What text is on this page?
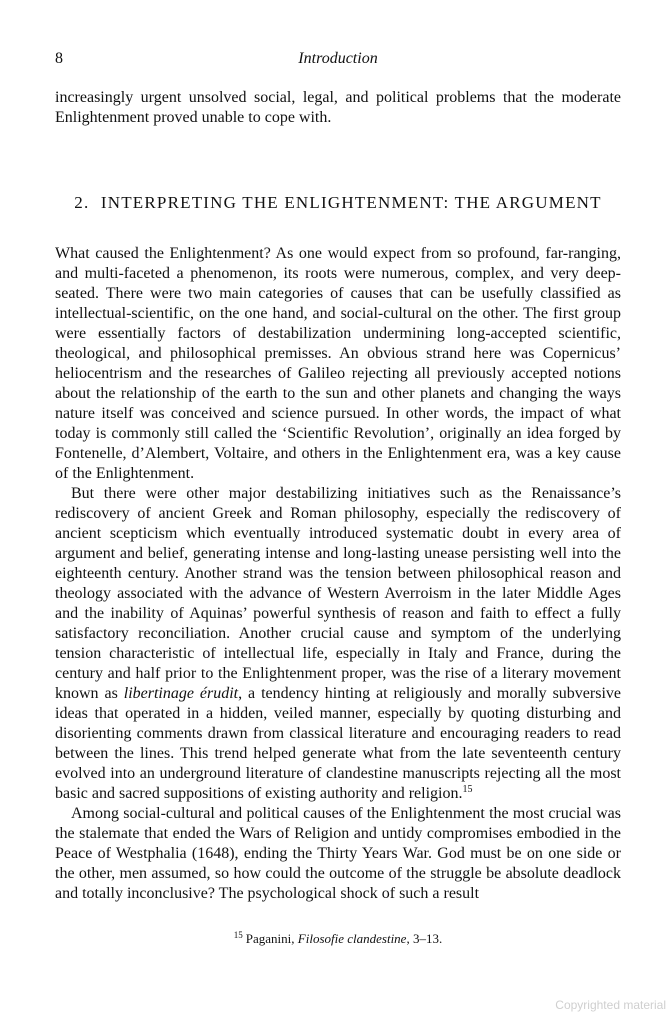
8	Introduction

increasingly urgent unsolved social, legal, and political problems that the moderate Enlightenment proved unable to cope with.

2. INTERPRETING THE ENLIGHTENMENT: THE ARGUMENT

What caused the Enlightenment? As one would expect from so profound, far-ranging, and multi-faceted a phenomenon, its roots were numerous, complex, and very deep-seated. There were two main categories of causes that can be usefully classified as intellectual-scientific, on the one hand, and social-cultural on the other. The first group were essentially factors of destabilization undermining long-accepted scientific, theological, and philosophical premisses. An obvious strand here was Copernicus’ heliocentrism and the researches of Galileo rejecting all previously accepted notions about the relationship of the earth to the sun and other planets and changing the ways nature itself was conceived and science pursued. In other words, the impact of what today is commonly still called the ‘Scientific Revolution’, originally an idea forged by Fontenelle, d’Alembert, Voltaire, and others in the Enlightenment era, was a key cause of the Enlightenment.

But there were other major destabilizing initiatives such as the Renaissance’s rediscovery of ancient Greek and Roman philosophy, especially the rediscovery of ancient scepticism which eventually introduced systematic doubt in every area of argument and belief, generating intense and long-lasting unease persisting well into the eighteenth century. Another strand was the tension between philosophical reason and theology associated with the advance of Western Averroism in the later Middle Ages and the inability of Aquinas’ powerful synthesis of reason and faith to effect a fully satisfactory reconciliation. Another crucial cause and symptom of the underlying tension characteristic of intellectual life, especially in Italy and France, during the century and half prior to the Enlightenment proper, was the rise of a literary movement known as libertinage érudit, a tendency hinting at religiously and morally subversive ideas that operated in a hidden, veiled manner, especially by quoting disturbing and disorienting comments drawn from classical literature and encouraging readers to read between the lines. This trend helped generate what from the late seventeenth century evolved into an underground literature of clandestine manuscripts rejecting all the most basic and sacred suppositions of existing authority and religion.$^{15}$

Among social-cultural and political causes of the Enlightenment the most crucial was the stalemate that ended the Wars of Religion and untidy compromises embodied in the Peace of Westphalia (1648), ending the Thirty Years War. God must be on one side or the other, men assumed, so how could the outcome of the struggle be absolute deadlock and totally inconclusive? The psychological shock of such a result

$^{15}$ Paganini, Filosofie clandestine, 3–13.
Copyrighted material
